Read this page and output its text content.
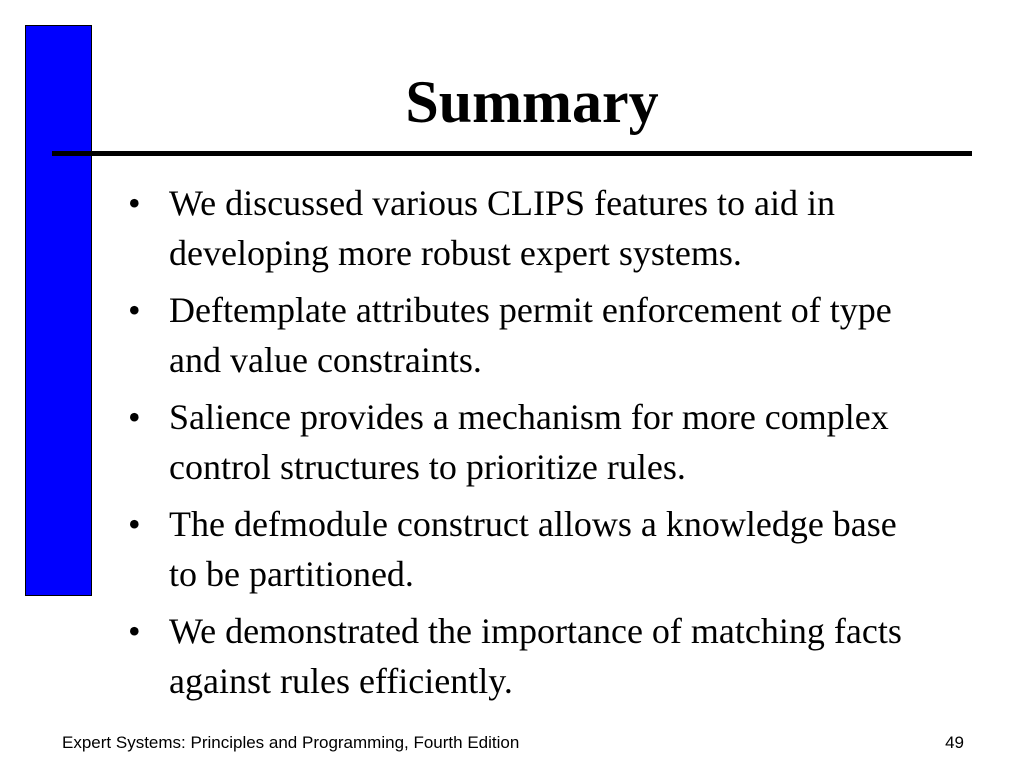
Summary
• We discussed various CLIPS features to aid in developing more robust expert systems.
• Deftemplate attributes permit enforcement of type and value constraints.
• Salience provides a mechanism for more complex control structures to prioritize rules.
• The defmodule construct allows a knowledge base to be partitioned.
• We demonstrated the importance of matching facts against rules efficiently.
Expert Systems: Principles and Programming, Fourth Edition	49
